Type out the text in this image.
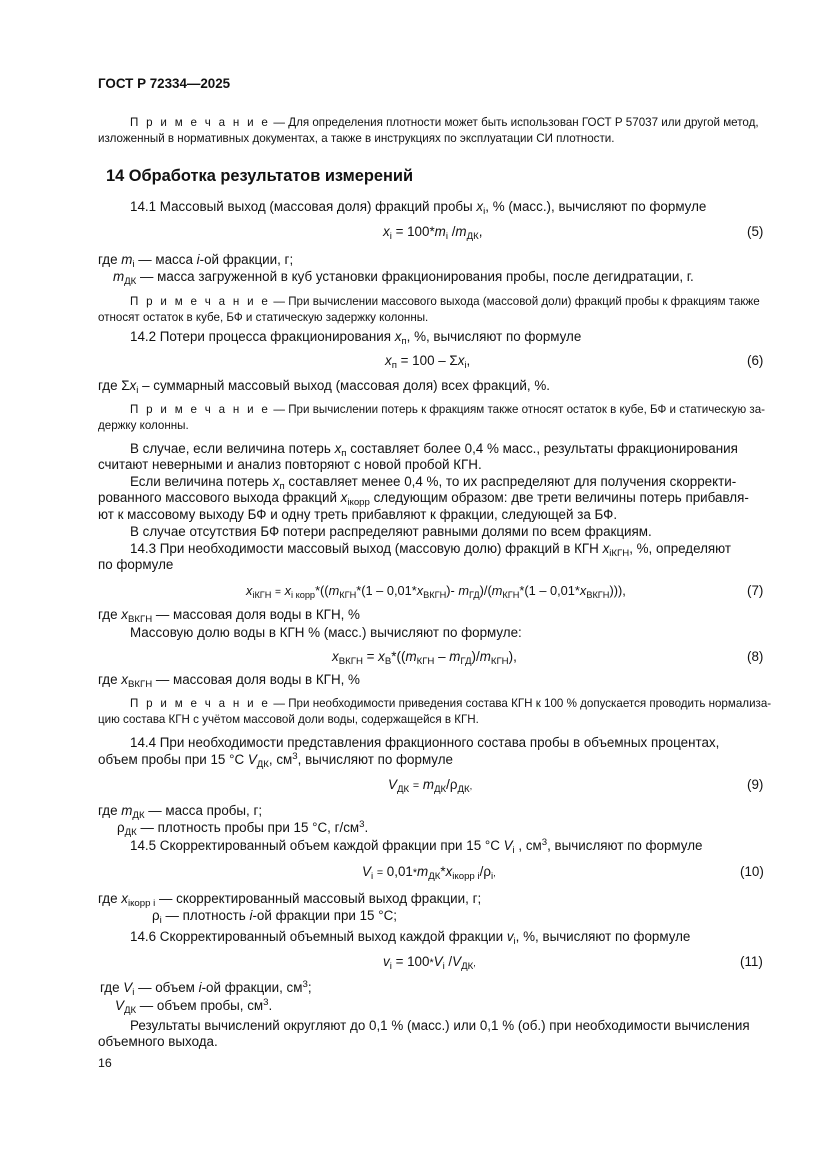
ГОСТ Р 72334—2025
П р и м е ч а н и е — Для определения плотности может быть использован ГОСТ Р 57037 или другой метод,
изложенный в нормативных документах, а также в инструкциях по эксплуатации СИ плотности.
14 Обработка результатов измерений
14.1 Массовый выход (массовая доля) фракций пробы $x_i$, % (масс.), вычисляют по формуле
$x_i = 100*m_i$ $/m_{ДК}$,	(5)
где $m_i$ — масса i-ой фракции, г;
$m_{ДК}$ — масса загруженной в куб установки фракционирования пробы, после дегидратации, г.
П р и м е ч а н и е — При вычислении массового выхода (массовой доли) фракций пробы к фракциям также
относят остаток в кубе, БФ и статическую задержку колонны.
14.2 Потери процесса фракционирования $x_п$, %, вычисляют по формуле
$x_п = 100 - \Sigma x_i$,	(6)
где $\Sigma x_i$ – суммарный массовый выход (массовая доля) всех фракций, %.
П р и м е ч а н и е — При вычислении потерь к фракциям также относят остаток в кубе, БФ и статическую за-
держку колонны.
В случае, если величина потерь $x_п$ составляет более 0,4 % масс., результаты фракционирования
считают неверными и анализ повторяют с новой пробой КГН.
Если величина потерь $x_п$ составляет менее 0,4 %, то их распределяют для получения скорректи-
рованного массового выхода фракций $x_{iкорр}$ следующим образом: две трети величины потерь прибавля-
ют к массовому выходу БФ и одну треть прибавляют к фракции, следующей за БФ.
В случае отсутствия БФ потери распределяют равными долями по всем фракциям.
14.3 При необходимости массовый выход (массовую долю) фракций в КГН $x_{iКГН}$, %, определяют
по формуле
$x_{iКГН} = x_{i корр}*((m_{КГН}*(1 - 0,01*x_{ВКГН})-$ $m_{ГД})/(m_{КГН}*(1 - 0,01*x_{ВКГН}))$),	(7)
где $x_{ВКГН}$ — массовая доля воды в КГН, %
Массовую долю воды в КГН % (масс.) вычисляют по формуле:
$x_{ВКГН} = x_В*((m_{КГН} - m_{ГД})/m_{КГН})$,	(8)
где $x_{ВКГН}$ — массовая доля воды в КГН, %
П р и м е ч а н и е — При необходимости приведения состава КГН к 100 % допускается проводить нормализа-
цию состава КГН с учётом массовой доли воды, содержащейся в КГН.
14.4 При необходимости представления фракционного состава пробы в объемных процентах,
объем пробы при 15 °С $V_{ДК}$, $см^3$, вычисляют по формуле
$V_{ДК} = m_{ДК}/\rho_{ДК}$,	(9)
где $m_{ДК}$ — масса пробы, г;
$\rho_{ДК}$ — плотность пробы при 15 °С, $г/см^3$.
14.5 Скорректированный объем каждой фракции при 15 °С $V_i$ , $см^3$, вычисляют по формуле
$V_i = 0,01*m_{ДК}*x_{iкорр i}/\rho_i$,	(10)
где $x_{iкорр i}$ — скорректированный массовый выход фракции, г;
$\rho_i$ — плотность i-ой фракции при 15 °С;
14.6 Скорректированный объемный выход каждой фракции $v_i$, %, вычисляют по формуле
$v_i = 100*V_i$ $/V_{ДК}$,	(11)
где $V_i$ — объем i-ой фракции, $см^3$;
$V_{ДК}$ — объем пробы, $см^3$.
Результаты вычислений округляют до 0,1 % (масс.) или 0,1 % (об.) при необходимости вычисления
объемного выхода.
16
